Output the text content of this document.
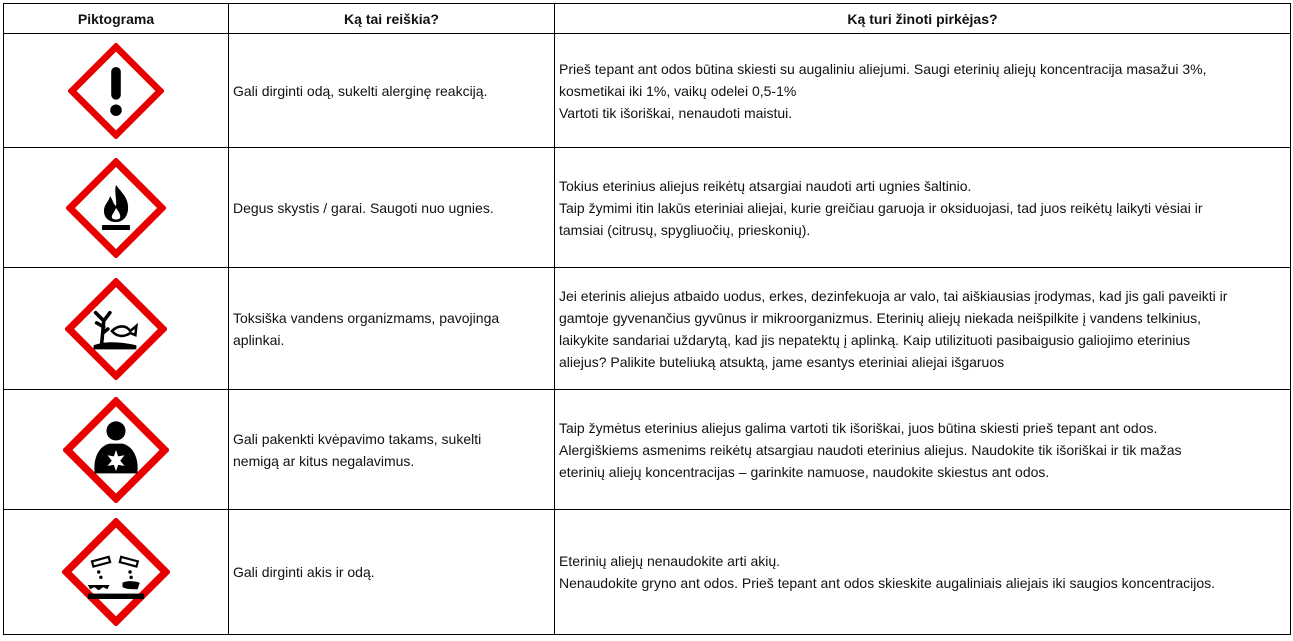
Piktograma	Ką tai reiškia?	Ką turi žinoti pirkėjas?

Gali dirginti odą, sukelti alerginę reakciją.	Prieš tepant ant odos būtina skiesti su augaliniu aliejumi. Saugi eterinių aliejų koncentracija masažui 3%,
kosmetikai iki 1%, vaikų odelei 0,5-1%
Vartoti tik išoriškai, nenaudoti maistui.

Degus skystis / garai. Saugoti nuo ugnies.	Tokius eterinius aliejus reikėtų atsargiai naudoti arti ugnies šaltinio.
Taip žymimi itin lakūs eteriniai aliejai, kurie greičiau garuoja ir oksiduojasi, tad juos reikėtų laikyti vėsiai ir
tamsiai (citrusų, spygliuočių, prieskonių).

Toksiška vandens organizmams, pavojinga
aplinkai.	Jei eterinis aliejus atbaido uodus, erkes, dezinfekuoja ar valo, tai aiškiausias įrodymas, kad jis gali paveikti ir
gamtoje gyvenančius gyvūnus ir mikroorganizmus. Eterinių aliejų niekada neišpilkite į vandens telkinius,
laikykite sandariai uždarytą, kad jis nepatektų į aplinką. Kaip utilizituoti pasibaigusio galiojimo eterinius
aliejus? Palikite buteliuką atsuktą, jame esantys eteriniai aliejai išgaruos

Gali pakenkti kvėpavimo takams, sukelti
nemigą ar kitus negalavimus.	Taip žymėtus eterinius aliejus galima vartoti tik išoriškai, juos būtina skiesti prieš tepant ant odos.
Alergiškiems asmenims reikėtų atsargiau naudoti eterinius aliejus. Naudokite tik išoriškai ir tik mažas
eterinių aliejų koncentracijas – garinkite namuose, naudokite skiestus ant odos.

Gali dirginti akis ir odą.	Eterinių aliejų nenaudokite arti akių.
Nenaudokite gryno ant odos. Prieš tepant ant odos skieskite augaliniais aliejais iki saugios koncentracijos.
